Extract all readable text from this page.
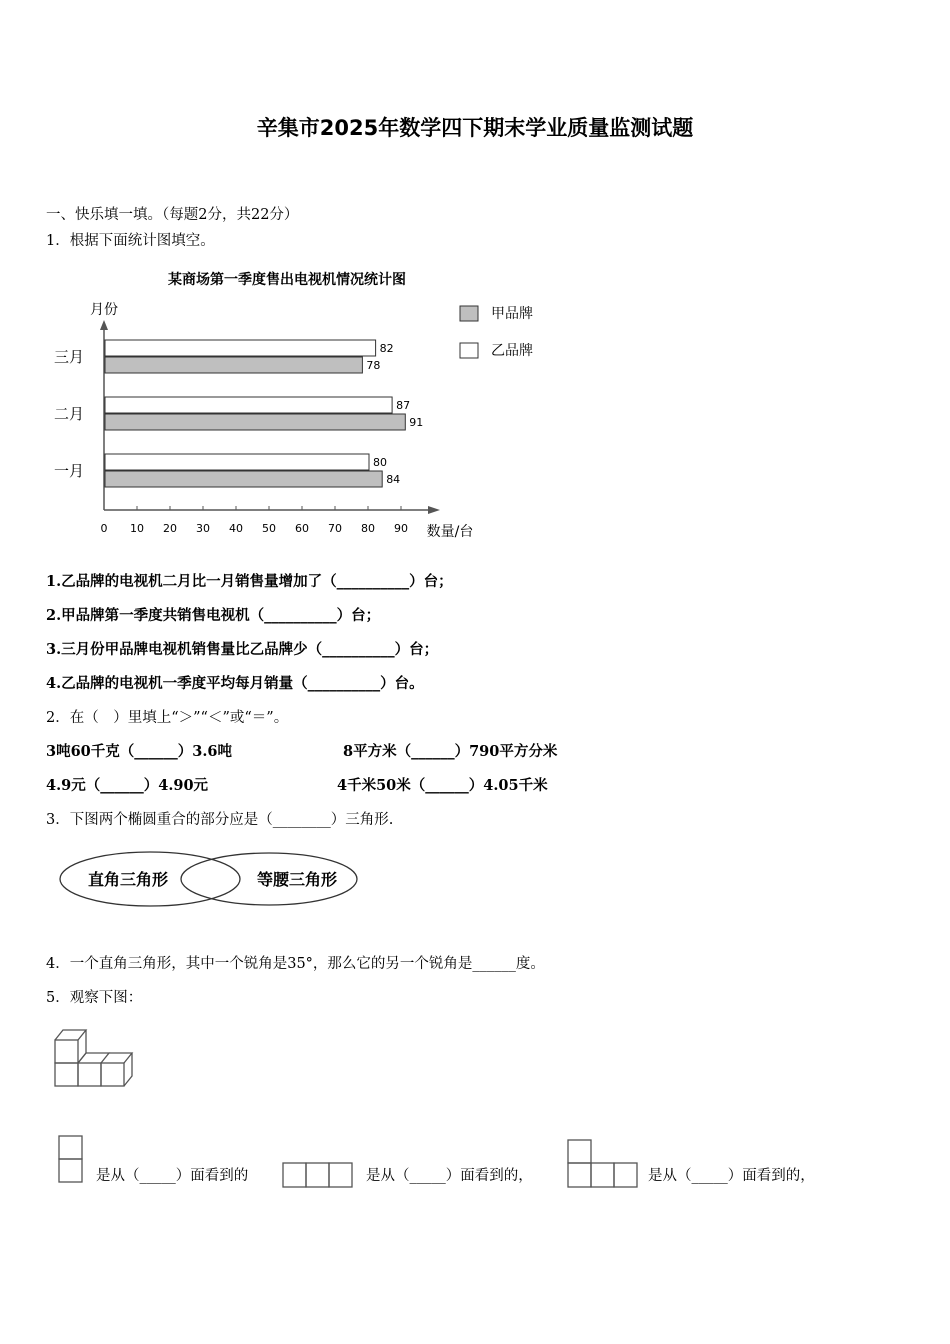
辛集市2025年数学四下期末学业质量监测试题
一、快乐填一填。（每题2分，共22分）
1．根据下面统计图填空。
某商场第一季度售出电视机情况统计图
月份
数量/台
三月	82
78
二月	87
91
一月	80
84
0 10 20 30 40 50 60 70 80 90
甲品牌
乙品牌
1.乙品牌的电视机二月比一月销售量增加了（__________）台；
2.甲品牌第一季度共销售电视机（__________）台；
3.三月份甲品牌电视机销售量比乙品牌少（__________）台；
4.乙品牌的电视机一季度平均每月销量（__________）台。
2．在（　）里填上“＞”“＜”或“＝”。
3吨60千克（______）3.6吨	8平方米（______）790平方分米
4.9元（______）4.90元	4千米50米（______）4.05千米
3．下图两个椭圆重合的部分应是（________）三角形.
直角三角形	等腰三角形
4．一个直角三角形，其中一个锐角是35°，那么它的另一个锐角是______度。
5．观察下图：
是从（_____）面看到的	是从（_____）面看到的，	是从（_____）面看到的，
